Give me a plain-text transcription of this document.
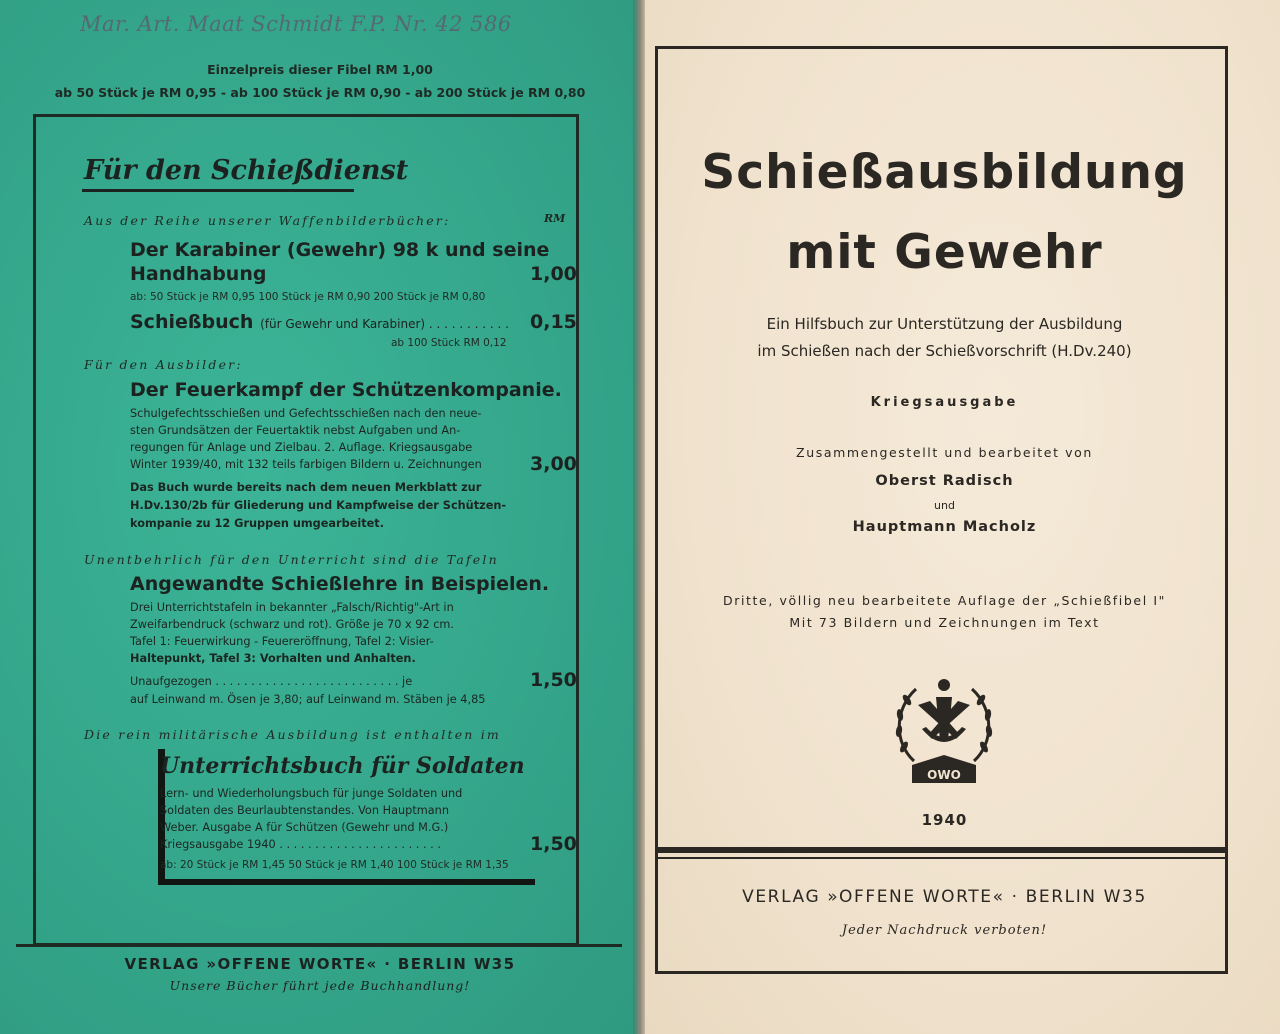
Mar. Art. Maat Schmidt F.P. Nr. 42 586
Einzelpreis dieser Fibel RM 1,00
ab 50 Stück je RM 0,95 - ab 100 Stück je RM 0,90 - ab 200 Stück je RM 0,80
Für den Schießdienst
Aus der Reihe unserer Waffenbilderbücher:	RM
Der Karabiner (Gewehr) 98 k und seine
Handhabung	1,00
ab: 50 Stück je RM 0,95 100 Stück je RM 0,90 200 Stück je RM 0,80
Schießbuch (für Gewehr und Karabiner) . . . . . . . . . . . 0,15
ab 100 Stück RM 0,12
Für den Ausbilder:
Der Feuerkampf der Schützenkompanie.
Schulgefechtsschießen und Gefechtsschießen nach den neue-
sten Grundsätzen der Feuertaktik nebst Aufgaben und An-
regungen für Anlage und Zielbau. 2. Auflage. Kriegsausgabe
Winter 1939/40, mit 132 teils farbigen Bildern u. Zeichnungen	3,00
Das Buch wurde bereits nach dem neuen Merkblatt zur
H.Dv.130/2b für Gliederung und Kampfweise der Schützen-
kompanie zu 12 Gruppen umgearbeitet.
Unentbehrlich für den Unterricht sind die Tafeln
Angewandte Schießlehre in Beispielen.
Drei Unterrichtstafeln in bekannter „Falsch/Richtig"-Art in
Zweifarbendruck (schwarz und rot). Größe je 70 x 92 cm.
Tafel 1: Feuerwirkung - Feuereröffnung, Tafel 2: Visier-
Haltepunkt, Tafel 3: Vorhalten und Anhalten.
Unaufgezogen . . . . . . . . . . . . . . . . . . . . . . . . . . je	1,50
auf Leinwand m. Ösen je 3,80; auf Leinwand m. Stäben je 4,85
Die rein militärische Ausbildung ist enthalten im
Unterrichtsbuch für Soldaten
Lern- und Wiederholungsbuch für junge Soldaten und
Soldaten des Beurlaubtenstandes. Von Hauptmann
Weber. Ausgabe A für Schützen (Gewehr und M.G.)
Kriegsausgabe 1940 . . . . . . . . . . . . . . . . . . . . . . .	1,50
ab: 20 Stück je RM 1,45 50 Stück je RM 1,40 100 Stück je RM 1,35
VERLAG »OFFENE WORTE« · BERLIN W35
Unsere Bücher führt jede Buchhandlung!
Schießausbildung
mit Gewehr
Ein Hilfsbuch zur Unterstützung der Ausbildung
im Schießen nach der Schießvorschrift (H.Dv.240)
Kriegsausgabe
Zusammengestellt und bearbeitet von
Oberst Radisch
und
Hauptmann Macholz
Dritte, völlig neu bearbeitete Auflage der „Schießfibel I"
Mit 73 Bildern und Zeichnungen im Text
OWO
1940
VERLAG »OFFENE WORTE« · BERLIN W35
Jeder Nachdruck verboten!
